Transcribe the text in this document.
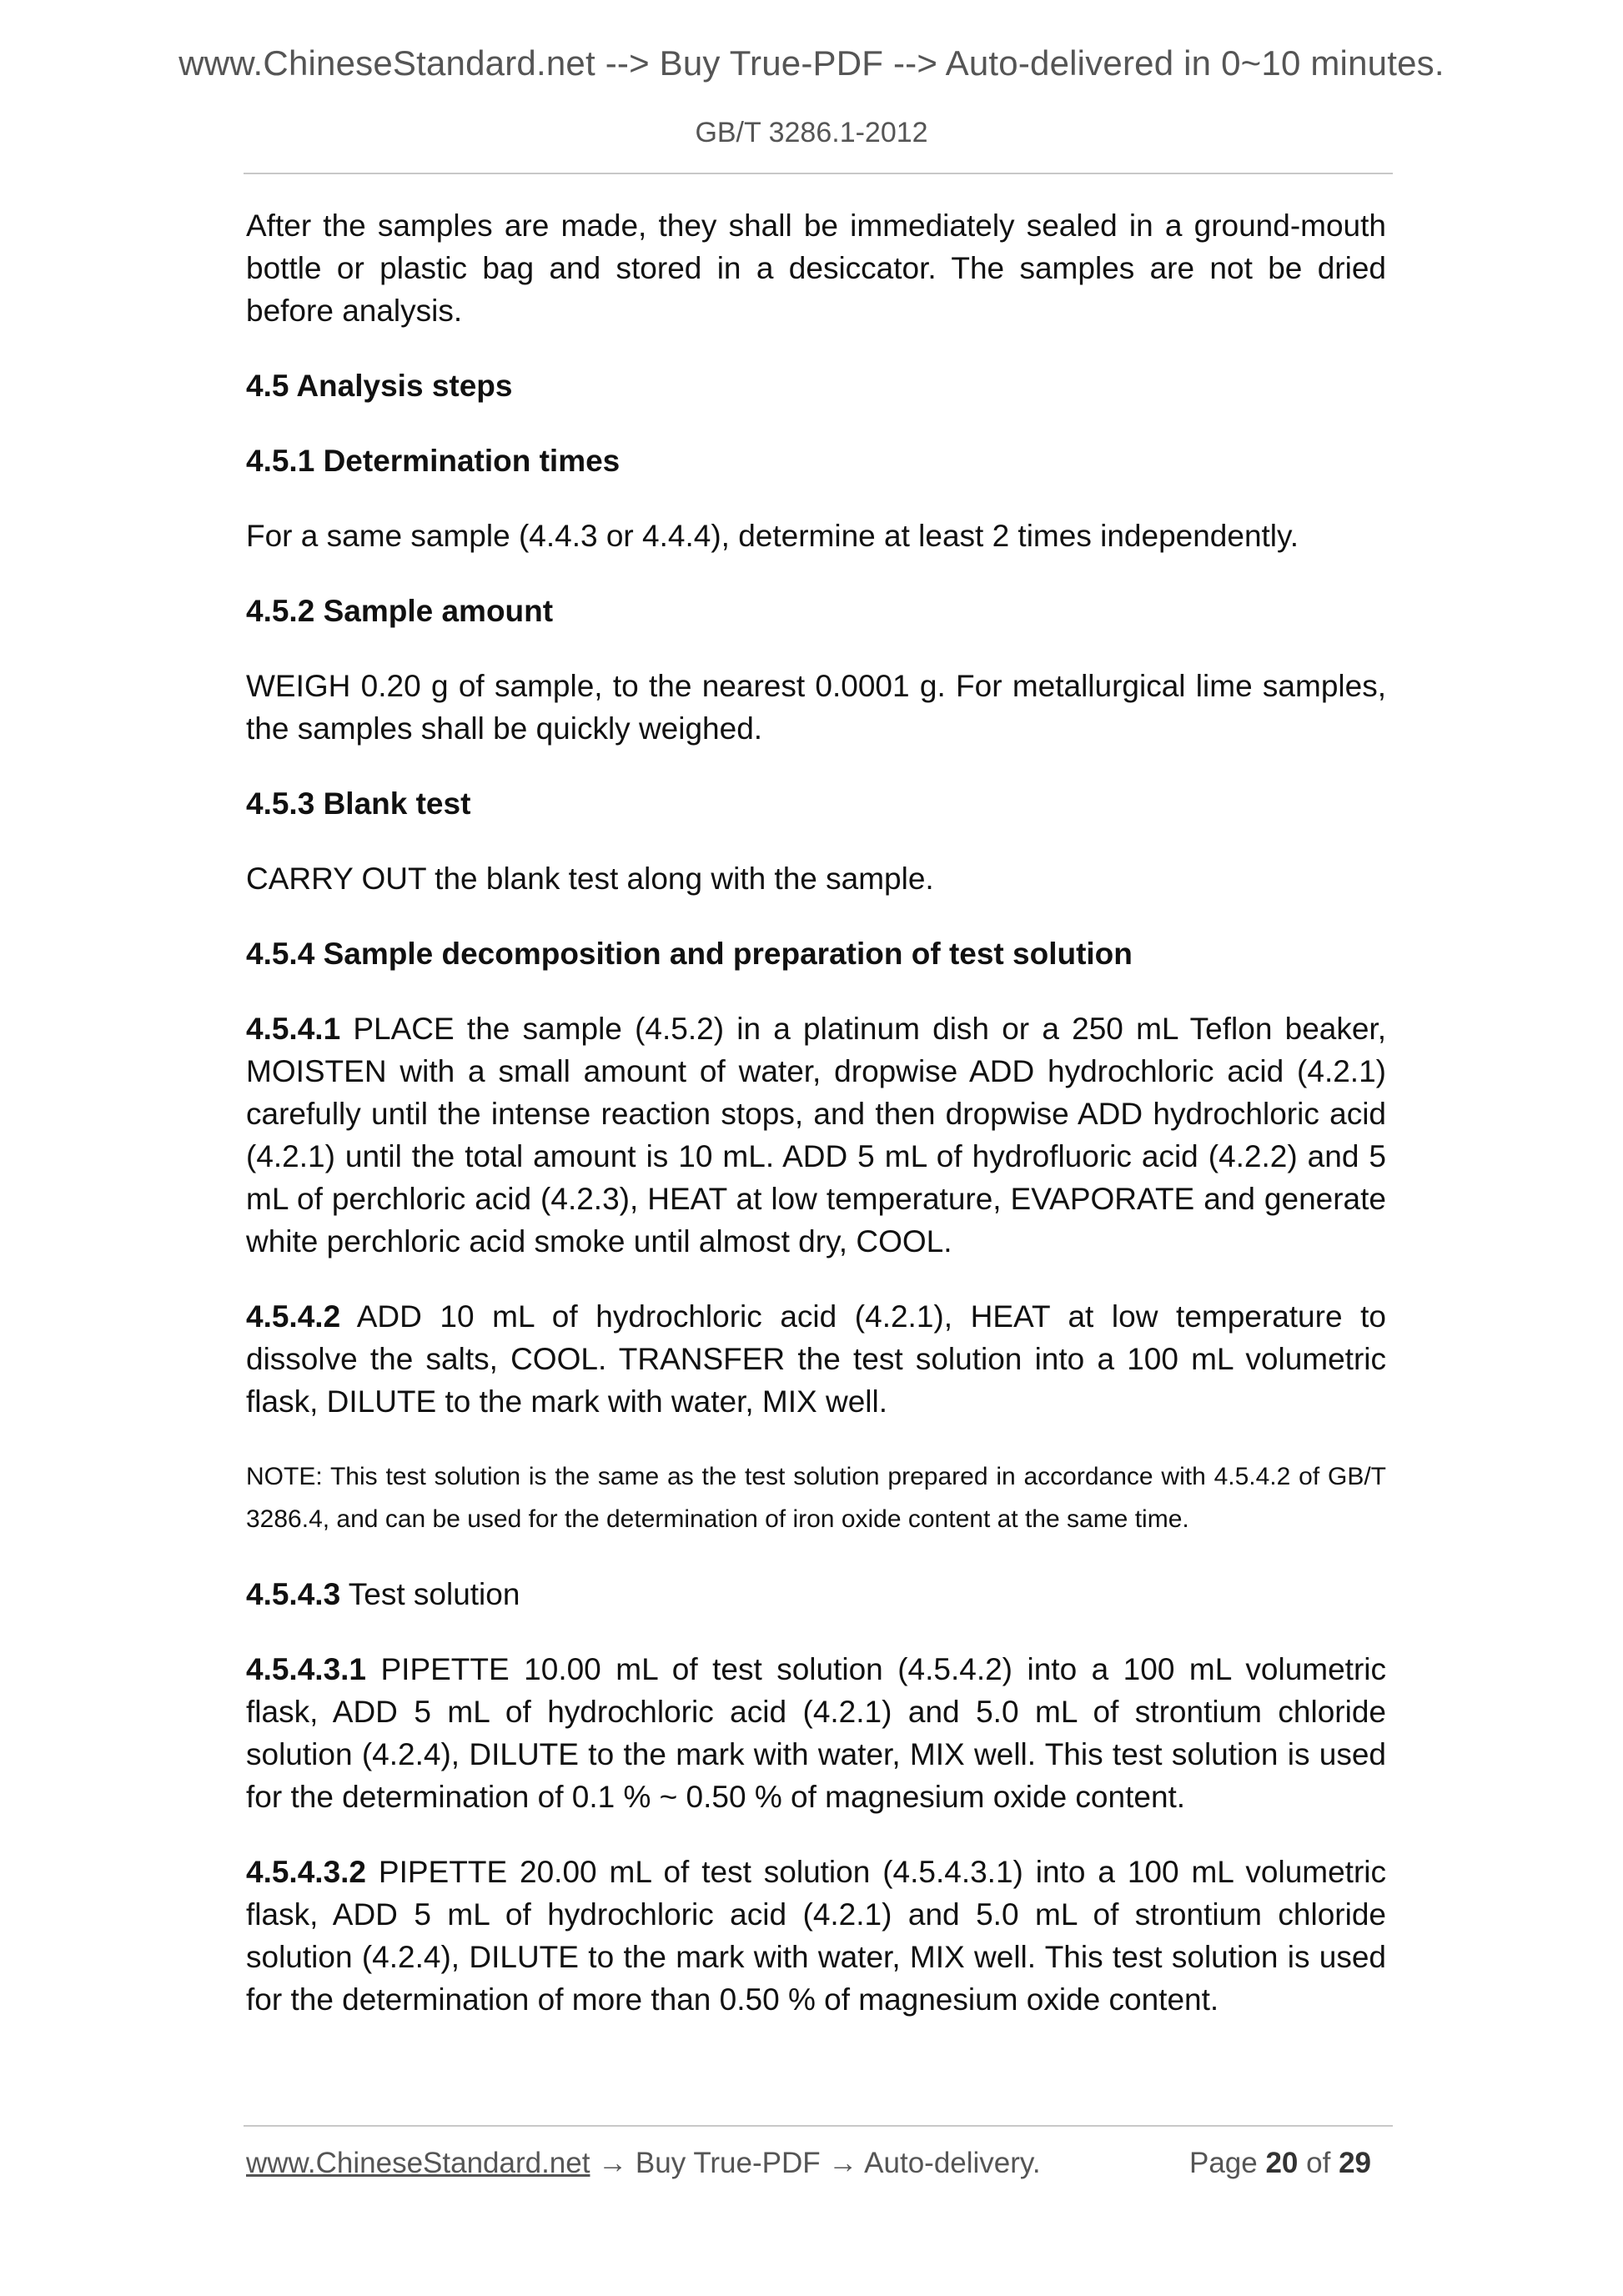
www.ChineseStandard.net --> Buy True-PDF --> Auto-delivered in 0~10 minutes.
GB/T 3286.1-2012

After the samples are made, they shall be immediately sealed in a ground-mouth bottle or plastic bag and stored in a desiccator. The samples are not be dried before analysis.

4.5 Analysis steps
4.5.1 Determination times

For a same sample (4.4.3 or 4.4.4), determine at least 2 times independently.

4.5.2 Sample amount

WEIGH 0.20 g of sample, to the nearest 0.0001 g. For metallurgical lime samples, the samples shall be quickly weighed.

4.5.3 Blank test

CARRY OUT the blank test along with the sample.

4.5.4 Sample decomposition and preparation of test solution

4.5.4.1 PLACE the sample (4.5.2) in a platinum dish or a 250 mL Teflon beaker, MOISTEN with a small amount of water, dropwise ADD hydrochloric acid (4.2.1) carefully until the intense reaction stops, and then dropwise ADD hydrochloric acid (4.2.1) until the total amount is 10 mL. ADD 5 mL of hydrofluoric acid (4.2.2) and 5 mL of perchloric acid (4.2.3), HEAT at low temperature, EVAPORATE and generate white perchloric acid smoke until almost dry, COOL.

4.5.4.2 ADD 10 mL of hydrochloric acid (4.2.1), HEAT at low temperature to dissolve the salts, COOL. TRANSFER the test solution into a 100 mL volumetric flask, DILUTE to the mark with water, MIX well.

NOTE: This test solution is the same as the test solution prepared in accordance with 4.5.4.2 of GB/T 3286.4, and can be used for the determination of iron oxide content at the same time.

4.5.4.3 Test solution

4.5.4.3.1 PIPETTE 10.00 mL of test solution (4.5.4.2) into a 100 mL volumetric flask, ADD 5 mL of hydrochloric acid (4.2.1) and 5.0 mL of strontium chloride solution (4.2.4), DILUTE to the mark with water, MIX well. This test solution is used for the determination of 0.1 % ~ 0.50 % of magnesium oxide content.

4.5.4.3.2 PIPETTE 20.00 mL of test solution (4.5.4.3.1) into a 100 mL volumetric flask, ADD 5 mL of hydrochloric acid (4.2.1) and 5.0 mL of strontium chloride solution (4.2.4), DILUTE to the mark with water, MIX well. This test solution is used for the determination of more than 0.50 % of magnesium oxide content.

www.ChineseStandard.net → Buy True-PDF → Auto-delivery.	Page 20 of 29
